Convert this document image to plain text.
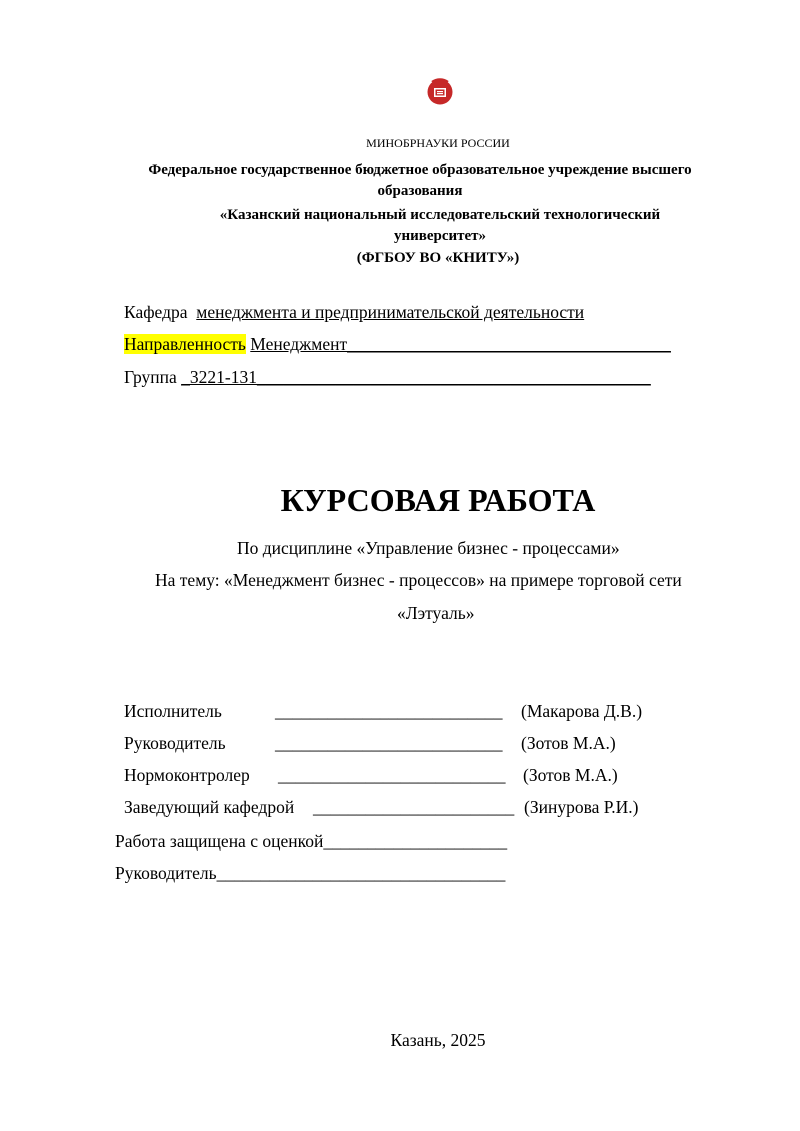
МИНОБРНАУКИ РОССИИ
Федеральное государственное бюджетное образовательное учреждение высшего образования
«Казанский национальный исследовательский технологический университет»
(ФГБОУ ВО «КНИТУ»)
Кафедра менеджмента и предпринимательской деятельности
Направленность Менеджмент_____________________________________
Группа _3221-131_____________________________________________
КУРСОВАЯ РАБОТА
По дисциплине «Управление бизнес - процессами»
На тему: «Менеджмент бизнес - процессов» на примере торговой сети
«Лэтуаль»
Исполнитель	__________________________ (Макарова Д.В.)
Руководитель	__________________________ (Зотов М.А.)
Нормоконтролер __________________________ (Зотов М.А.)
Заведующий кафедрой _______________________ (Зинурова Р.И.)
Работа защищена с оценкой_____________________
Руководитель_________________________________
Казань, 2025
